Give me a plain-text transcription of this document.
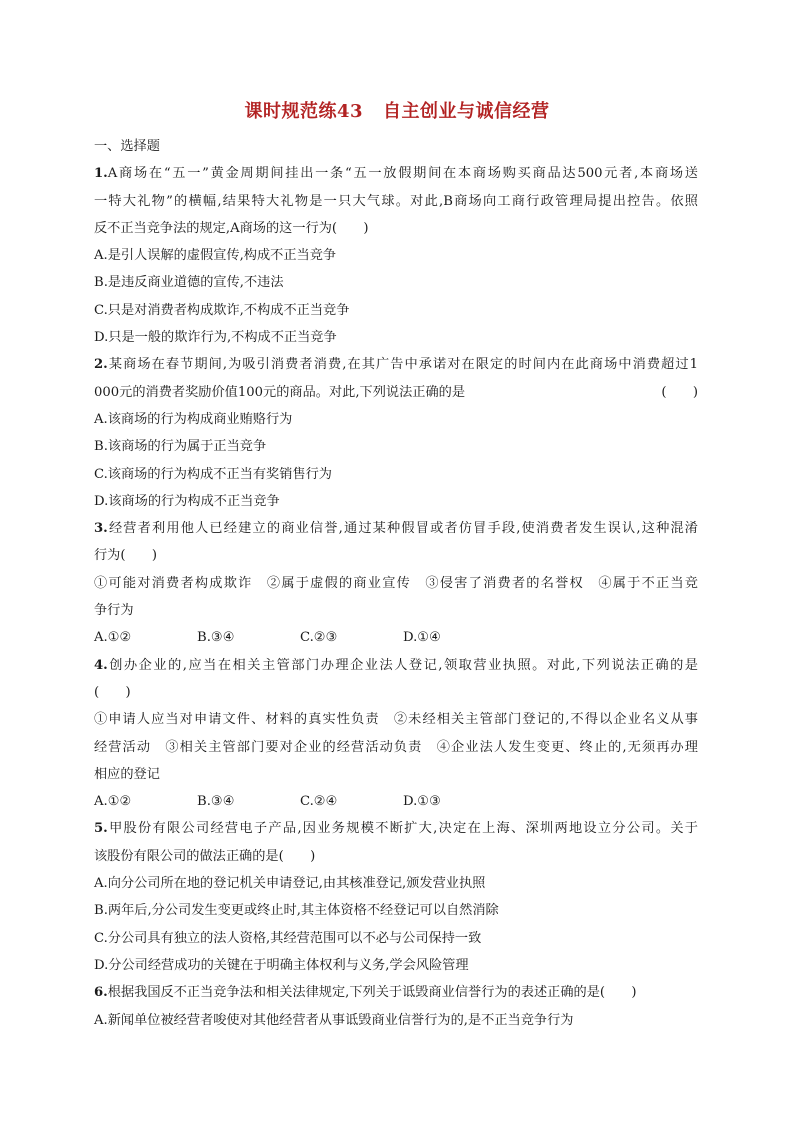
课时规范练43 自主创业与诚信经营
一、选择题
1.A商场在“五一”黄金周期间挂出一条“五一放假期间在本商场购买商品达500元者,本商场送
一特大礼物”的横幅,结果特大礼物是一只大气球。对此,B商场向工商行政管理局提出控告。依照
反不正当竞争法的规定,A商场的这一行为(　　)
A.是引人误解的虚假宣传,构成不正当竞争
B.是违反商业道德的宣传,不违法
C.只是对消费者构成欺诈,不构成不正当竞争
D.只是一般的欺诈行为,不构成不正当竞争
2.某商场在春节期间,为吸引消费者消费,在其广告中承诺对在限定的时间内在此商场中消费超过1
000元的消费者奖励价值100元的商品。对此,下列说法正确的是	(　　)
A.该商场的行为构成商业贿赂行为
B.该商场的行为属于正当竞争
C.该商场的行为构成不正当有奖销售行为
D.该商场的行为构成不正当竞争
3.经营者利用他人已经建立的商业信誉,通过某种假冒或者仿冒手段,使消费者发生误认,这种混淆
行为(　　)
①可能对消费者构成欺诈　②属于虚假的商业宣传　③侵害了消费者的名誉权　④属于不正当竞
争行为
A.①②	B.③④	C.②③	D.①④
4.创办企业的,应当在相关主管部门办理企业法人登记,领取营业执照。对此,下列说法正确的是
(　　)
①申请人应当对申请文件、材料的真实性负责　②未经相关主管部门登记的,不得以企业名义从事
经营活动　③相关主管部门要对企业的经营活动负责　④企业法人发生变更、终止的,无须再办理
相应的登记
A.①②	B.③④	C.②④	D.①③
5.甲股份有限公司经营电子产品,因业务规模不断扩大,决定在上海、深圳两地设立分公司。关于
该股份有限公司的做法正确的是(　　)
A.向分公司所在地的登记机关申请登记,由其核准登记,颁发营业执照
B.两年后,分公司发生变更或终止时,其主体资格不经登记可以自然消除
C.分公司具有独立的法人资格,其经营范围可以不必与公司保持一致
D.分公司经营成功的关键在于明确主体权利与义务,学会风险管理
6.根据我国反不正当竞争法和相关法律规定,下列关于诋毁商业信誉行为的表述正确的是(　　)
A.新闻单位被经营者唆使对其他经营者从事诋毁商业信誉行为的,是不正当竞争行为
